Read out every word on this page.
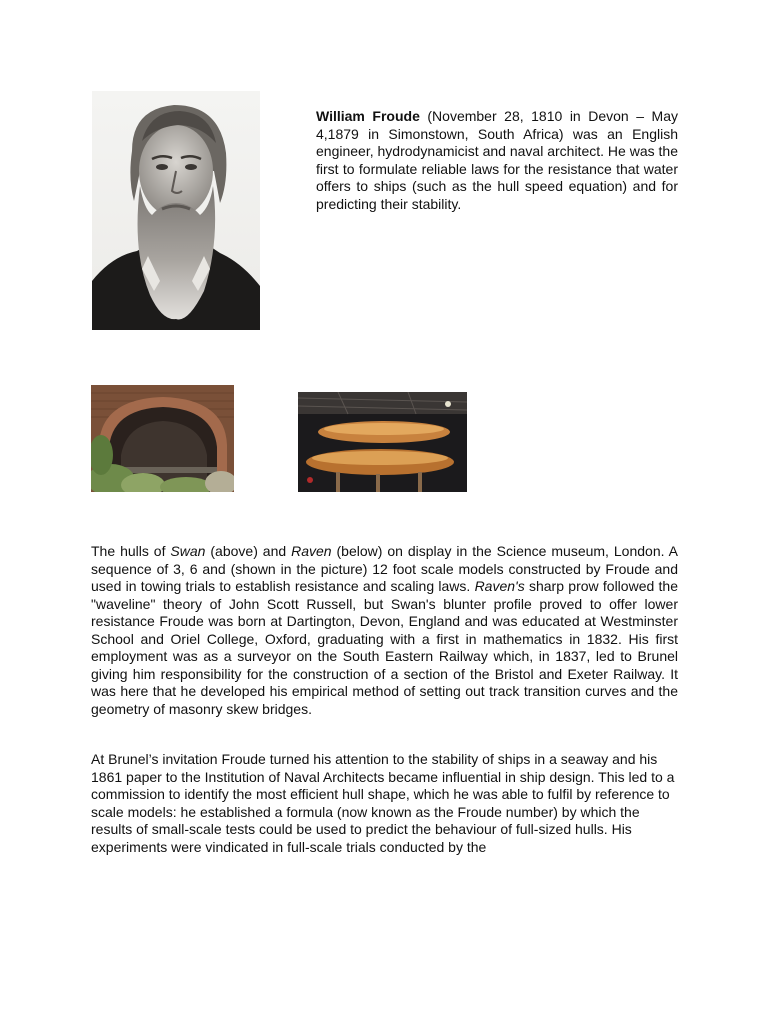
William Froude (November 28, 1810 in Devon – May 4,1879 in Simonstown, South Africa) was an English engineer, hydrodynamicist and naval architect. He was the first to formulate reliable laws for the resistance that water offers to ships (such as the hull speed equation) and for predicting their stability.

The hulls of Swan (above) and Raven (below) on display in the Science museum, London. A sequence of 3, 6 and (shown in the picture) 12 foot scale models constructed by Froude and used in towing trials to establish resistance and scaling laws. Raven's sharp prow followed the "waveline" theory of John Scott Russell, but Swan's blunter profile proved to offer lower resistance Froude was born at Dartington, Devon, England and was educated at Westminster School and Oriel College, Oxford, graduating with a first in mathematics in 1832. His first employment was as a surveyor on the South Eastern Railway which, in 1837, led to Brunel giving him responsibility for the construction of a section of the Bristol and Exeter Railway. It was here that he developed his empirical method of setting out track transition curves and the geometry of masonry skew bridges.

At Brunel’s invitation Froude turned his attention to the stability of ships in a seaway and his 1861 paper to the Institution of Naval Architects became influential in ship design. This led to a commission to identify the most efficient hull shape, which he was able to fulfil by reference to scale models: he established a formula (now known as the Froude number) by which the results of small-scale tests could be used to predict the behaviour of full-sized hulls. His experiments were vindicated in full-scale trials conducted by the
